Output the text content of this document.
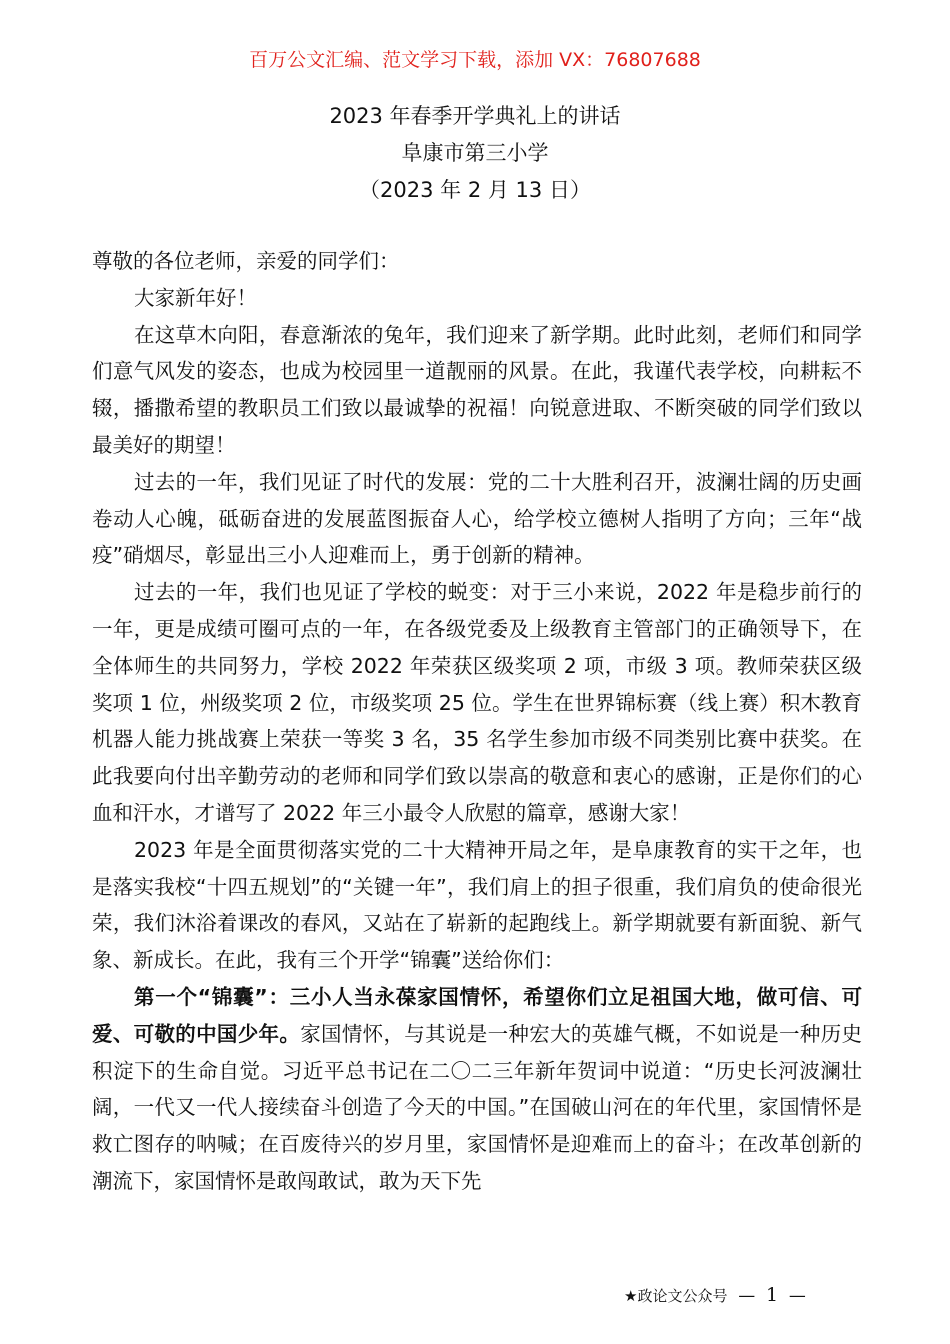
百万公文汇编、范文学习下载，添加 VX：76807688
2023 年春季开学典礼上的讲话
阜康市第三小学
（2023 年 2 月 13 日）

尊敬的各位老师，亲爱的同学们：

大家新年好！

在这草木向阳，春意渐浓的兔年，我们迎来了新学期。此时此刻，老师们和同学们意气风发的姿态，也成为校园里一道靓丽的风景。在此，我谨代表学校，向耕耘不辍，播撒希望的教职员工们致以最诚挚的祝福！向锐意进取、不断突破的同学们致以最美好的期望！

过去的一年，我们见证了时代的发展：党的二十大胜利召开，波澜壮阔的历史画卷动人心魄，砥砺奋进的发展蓝图振奋人心，给学校立德树人指明了方向；三年“战疫”硝烟尽，彰显出三小人迎难而上，勇于创新的精神。

过去的一年，我们也见证了学校的蜕变：对于三小来说，2022 年是稳步前行的一年，更是成绩可圈可点的一年，在各级党委及上级教育主管部门的正确领导下，在全体师生的共同努力，学校 2022 年荣获区级奖项 2 项，市级 3 项。教师荣获区级奖项 1 位，州级奖项 2 位，市级奖项 25 位。学生在世界锦标赛（线上赛）积木教育机器人能力挑战赛上荣获一等奖 3 名，35 名学生参加市级不同类别比赛中获奖。在此我要向付出辛勤劳动的老师和同学们致以崇高的敬意和衷心的感谢，正是你们的心血和汗水，才谱写了 2022 年三小最令人欣慰的篇章，感谢大家！

2023 年是全面贯彻落实党的二十大精神开局之年，是阜康教育的实干之年，也是落实我校“十四五规划”的“关键一年”，我们肩上的担子很重，我们肩负的使命很光荣，我们沐浴着课改的春风，又站在了崭新的起跑线上。新学期就要有新面貌、新气象、新成长。在此，我有三个开学“锦囊”送给你们：

第一个“锦囊”：三小人当永葆家国情怀，希望你们立足祖国大地，做可信、可爱、可敬的中国少年。家国情怀，与其说是一种宏大的英雄气概，不如说是一种历史积淀下的生命自觉。习近平总书记在二〇二三年新年贺词中说道：“历史长河波澜壮阔，一代又一代人接续奋斗创造了今天的中国。”在国破山河在的年代里，家国情怀是救亡图存的呐喊；在百废待兴的岁月里，家国情怀是迎难而上的奋斗；在改革创新的潮流下，家国情怀是敢闯敢试，敢为天下先

★政论文公众号 — 1 —
